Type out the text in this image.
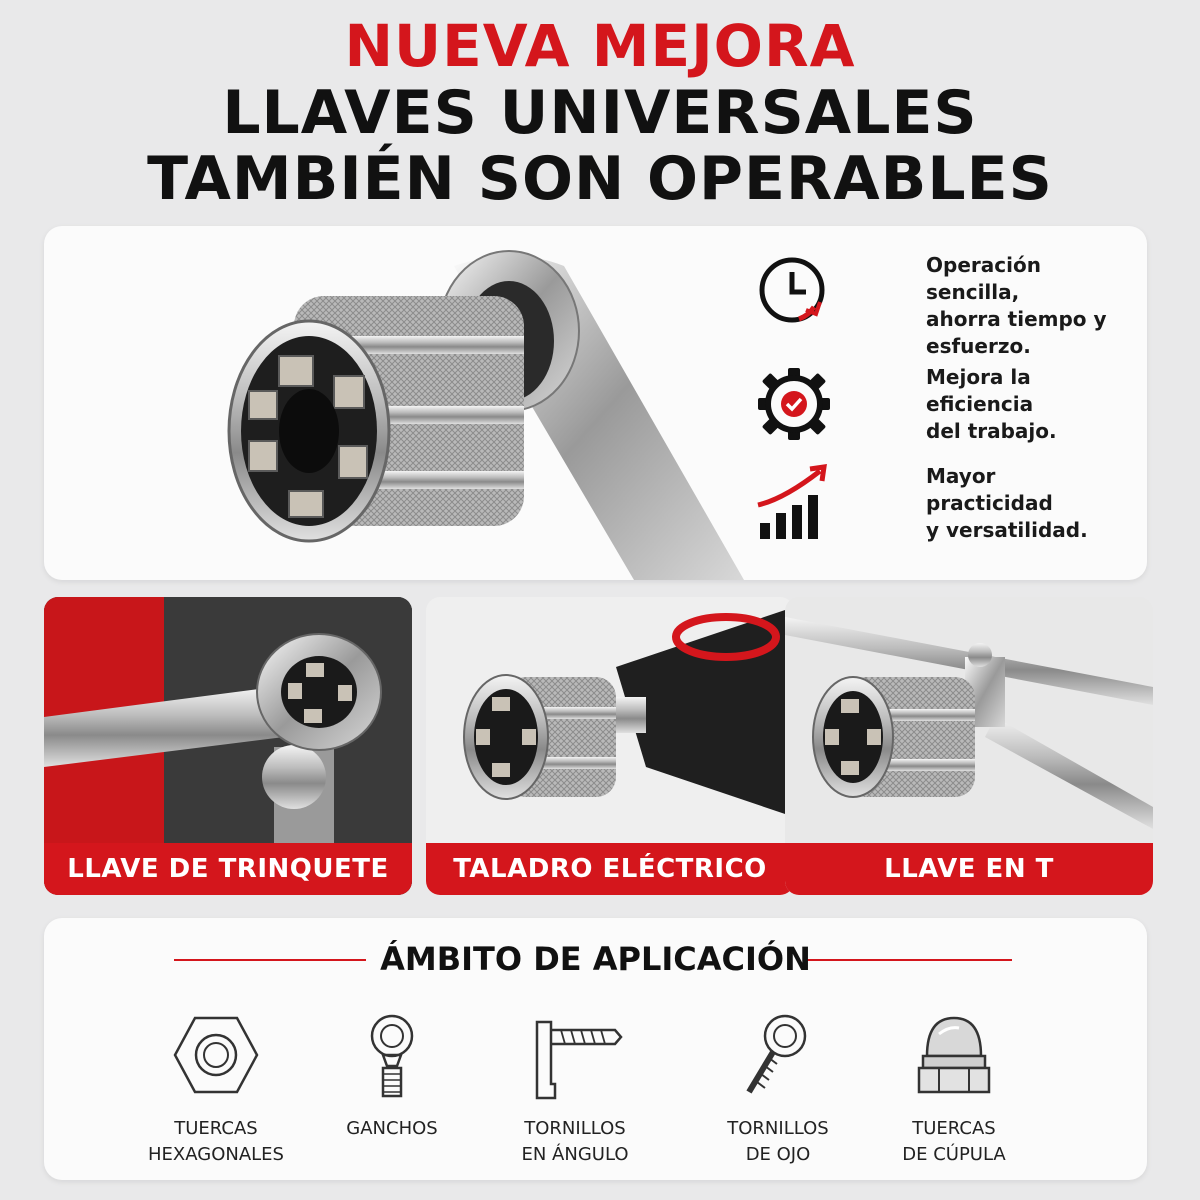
NUEVA MEJORA
LLAVES UNIVERSALES
TAMBIÉN SON OPERABLES
Operación sencilla,
ahorra tiempo y
esfuerzo.
Mejora la eficiencia
del trabajo.
Mayor practicidad
y versatilidad.
LLAVE DE TRINQUETE	TALADRO ELÉCTRICO	LLAVE EN T
ÁMBITO DE APLICACIÓN
TUERCAS
HEXAGONALES
GANCHOS	TORNILLOS
EN ÁNGULO
TORNILLOS
DE OJO
TUERCAS
DE CÚPULA
